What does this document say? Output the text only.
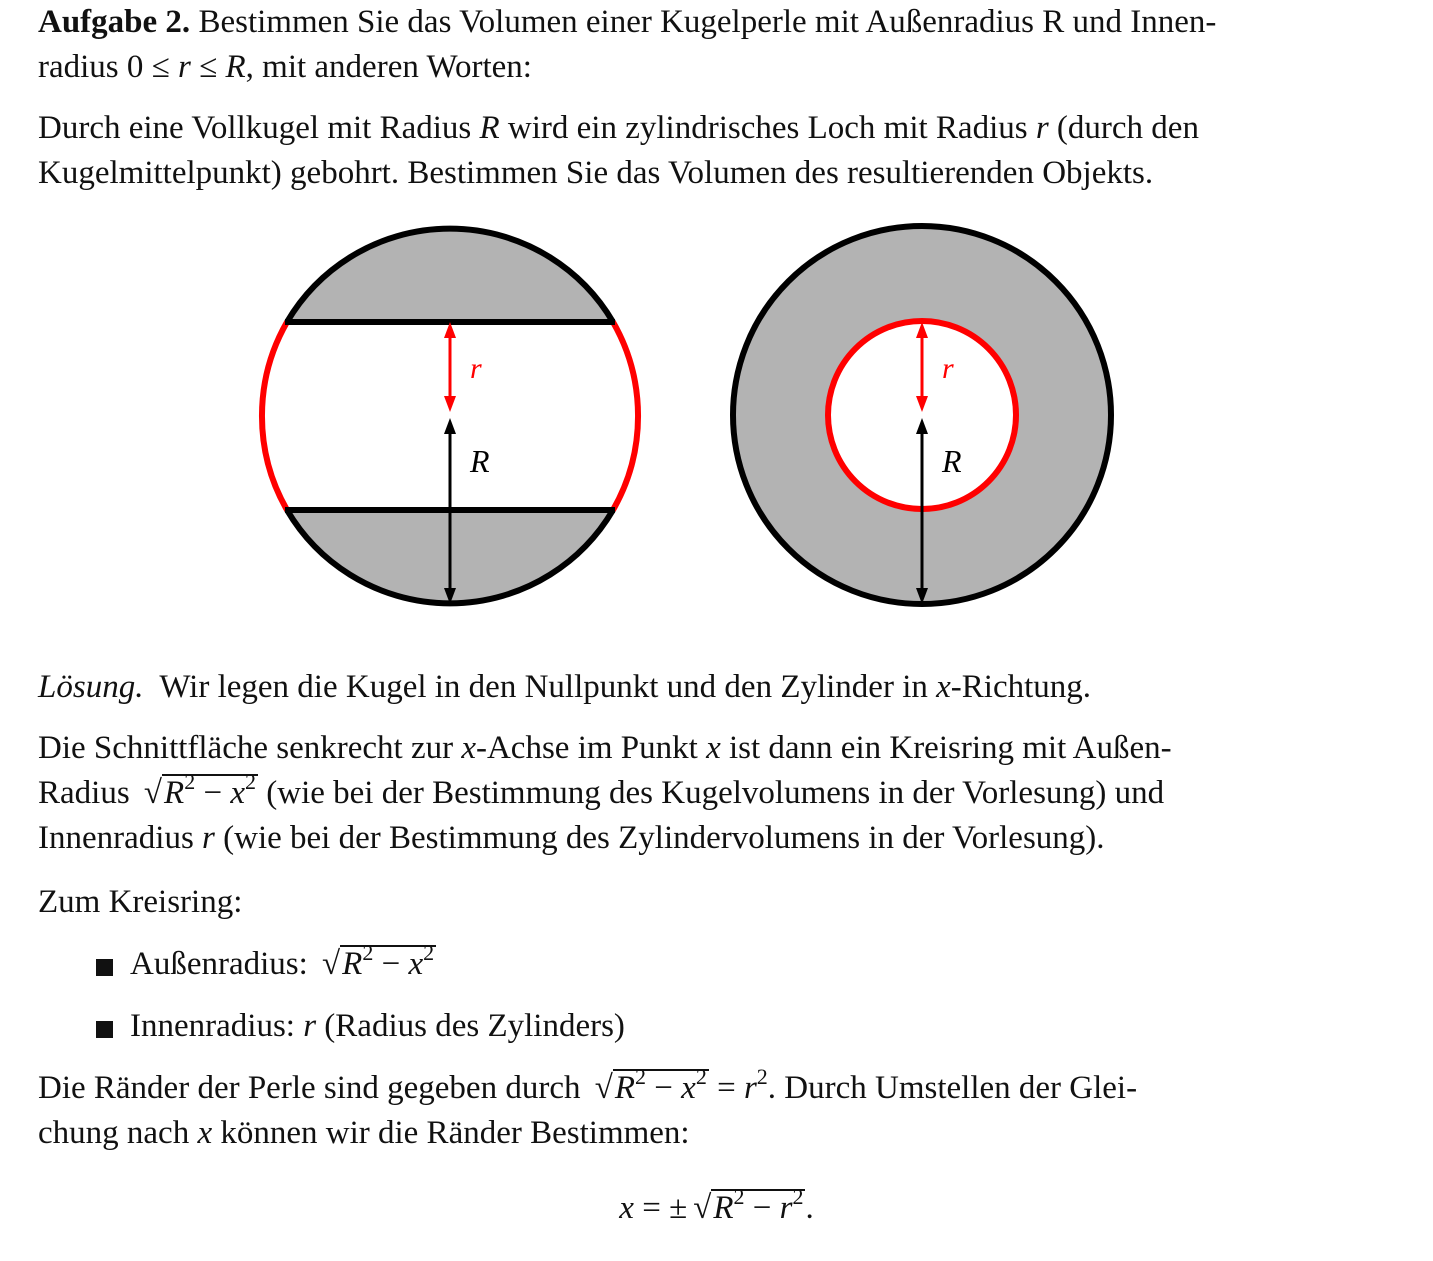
Aufgabe 2. Bestimmen Sie das Volumen einer Kugelperle mit Außenradius R und Innen-
radius 0 ≤ r ≤ R, mit anderen Worten:

Durch eine Vollkugel mit Radius R wird ein zylindrisches Loch mit Radius r (durch den
Kugelmittelpunkt) gebohrt. Bestimmen Sie das Volumen des resultierenden Objekts.

r
R
r
R

Lösung.  Wir legen die Kugel in den Nullpunkt und den Zylinder in x-Richtung.

Die Schnittfläche senkrecht zur x-Achse im Punkt x ist dann ein Kreisring mit Außen-
Radius $√R^2 - x^2$ (wie bei der Bestimmung des Kugelvolumens in der Vorlesung) und
Innenradius r (wie bei der Bestimmung des Zylindervolumens in der Vorlesung).

Zum Kreisring:

Außenradius: $√R^2 - x^2$
Innenradius: r (Radius des Zylinders)

Die Ränder der Perle sind gegeben durch $√R^2 - x^2 = r^2$. Durch Umstellen der Glei-
chung nach x können wir die Ränder Bestimmen:

x = ± $√R^2 - r^2$.
